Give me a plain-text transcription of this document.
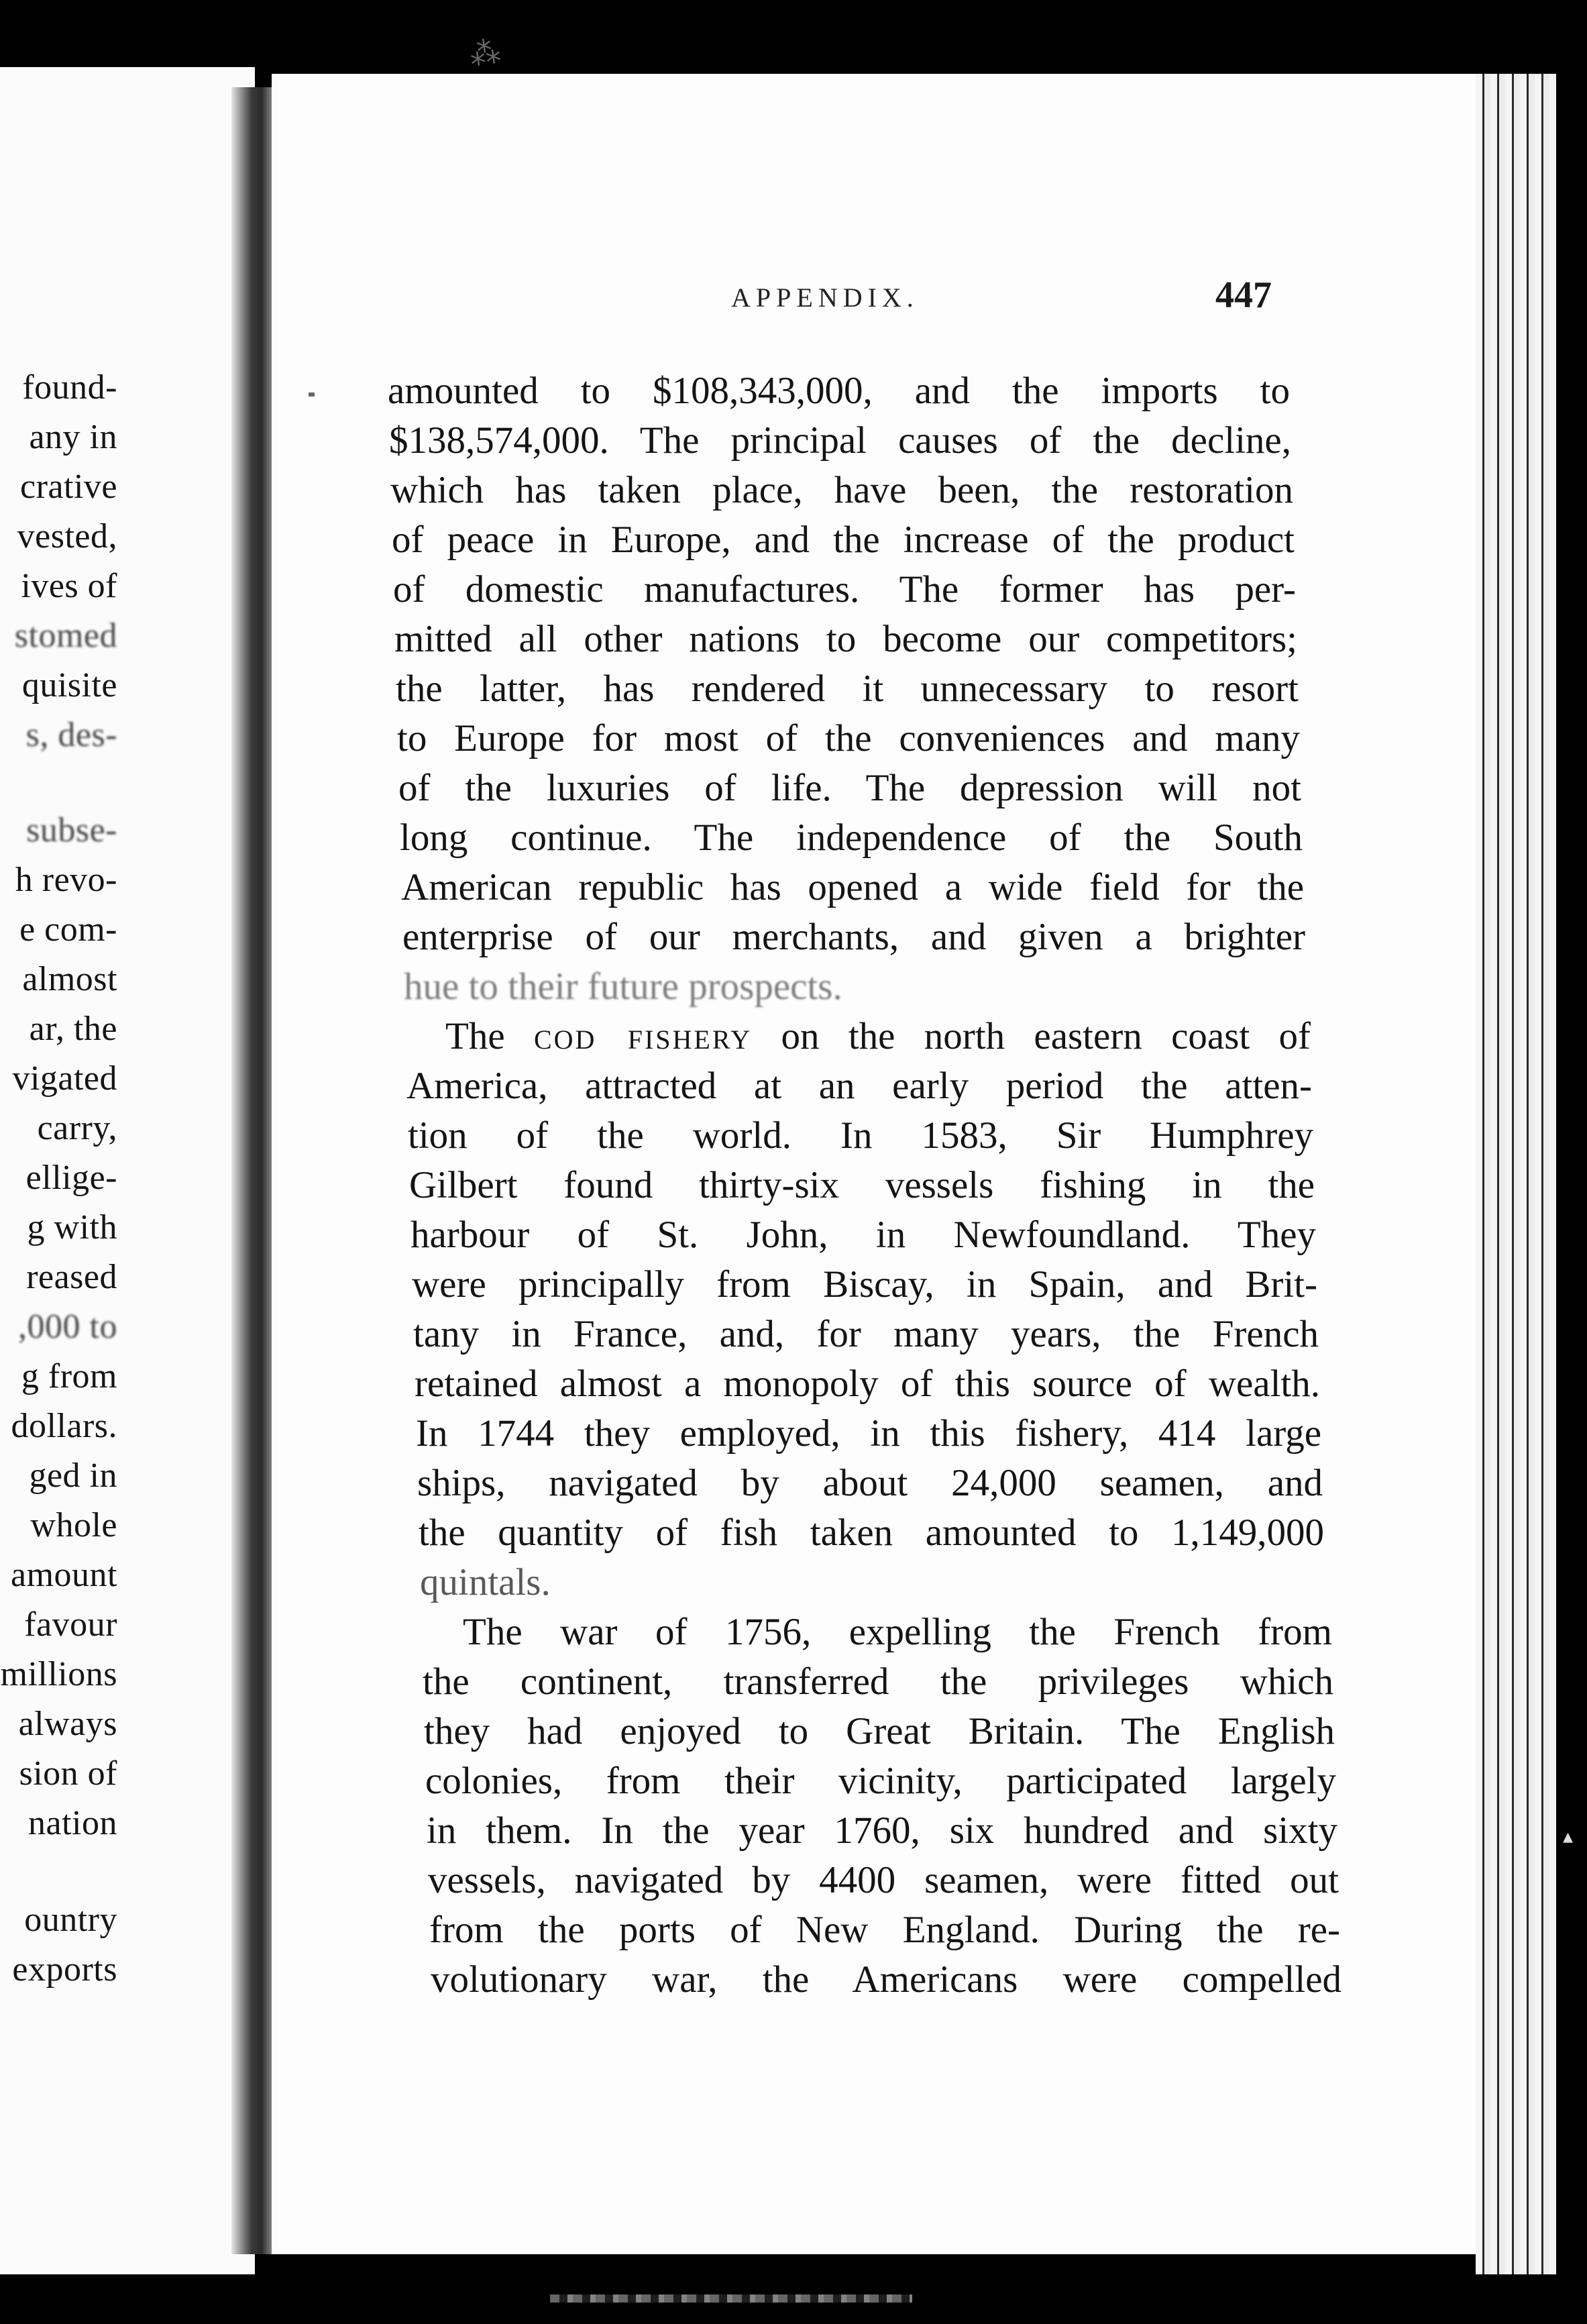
⁂
found-
any in
crative
vested,
ives of
stomed
quisite
s, des-
subse-
h revo-
e com-
almost
ar, the
vigated
carry,
ellige-
g with
reased
,000 to
g from
dollars.
ged in
whole
amount
favour
millions
always
sion of
nation
ountry
exports
▴
APPENDIX.	447
amounted to $108,343,000, and the imports to
$138,574,000. The principal causes of the decline,
which has taken place, have been, the restoration
of peace in Europe, and the increase of the product
of domestic manufactures. The former has per-
mitted all other nations to become our competitors;
the latter, has rendered it unnecessary to resort
to Europe for most of the conveniences and many
of the luxuries of life. The depression will not
long continue. The independence of the South
American republic has opened a wide field for the
enterprise of our merchants, and given a brighter
hue to their future prospects.
The cod fishery on the north eastern coast of
America, attracted at an early period the atten-
tion of the world. In 1583, Sir Humphrey
Gilbert found thirty-six vessels fishing in the
harbour of St. John, in Newfoundland. They
were principally from Biscay, in Spain, and Brit-
tany in France, and, for many years, the French
retained almost a monopoly of this source of wealth.
In 1744 they employed, in this fishery, 414 large
ships, navigated by about 24,000 seamen, and
the quantity of fish taken amounted to 1,149,000
quintals.
The war of 1756, expelling the French from
the continent, transferred the privileges which
they had enjoyed to Great Britain. The English
colonies, from their vicinity, participated largely
in them. In the year 1760, six hundred and sixty
vessels, navigated by 4400 seamen, were fitted out
from the ports of New England. During the re-
volutionary war, the Americans were compelled
